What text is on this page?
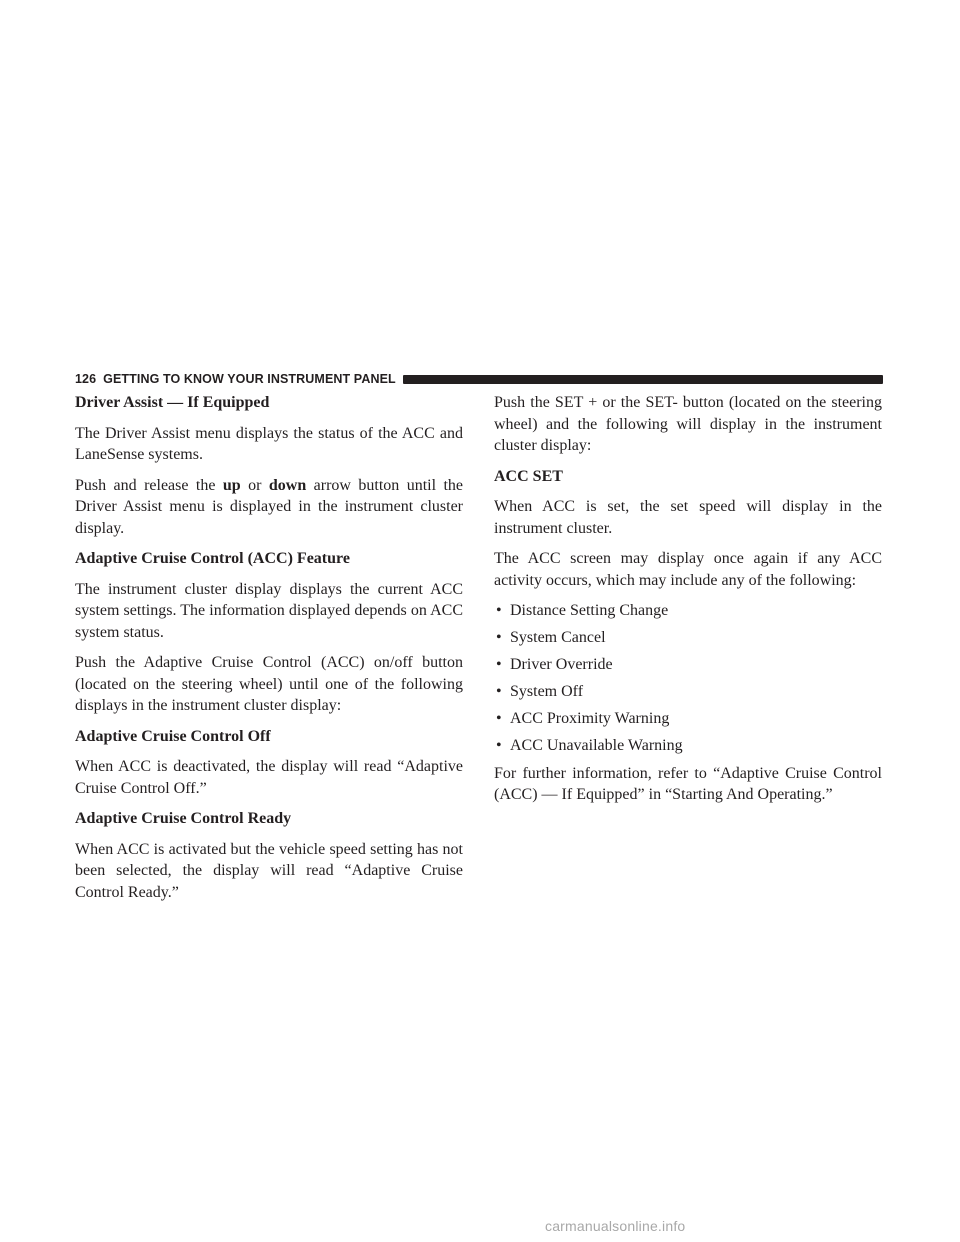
126 GETTING TO KNOW YOUR INSTRUMENT PANEL
Driver Assist — If Equipped

The Driver Assist menu displays the status of the ACC and LaneSense systems.

Push and release the up or down arrow button until the Driver Assist menu is displayed in the instrument cluster display.

Adaptive Cruise Control (ACC) Feature

The instrument cluster display displays the current ACC system settings. The information displayed depends on ACC system status.

Push the Adaptive Cruise Control (ACC) on/off button (located on the steering wheel) until one of the following displays in the instrument cluster display:

Adaptive Cruise Control Off

When ACC is deactivated, the display will read “Adaptive Cruise Control Off.”

Adaptive Cruise Control Ready

When ACC is activated but the vehicle speed setting has not been selected, the display will read “Adaptive Cruise Control Ready.”

Push the SET + or the SET- button (located on the steering wheel) and the following will display in the instrument cluster display:

ACC SET

When ACC is set, the set speed will display in the instrument cluster.

The ACC screen may display once again if any ACC activity occurs, which may include any of the following:

• Distance Setting Change
• System Cancel
• Driver Override
• System Off
• ACC Proximity Warning
• ACC Unavailable Warning

For further information, refer to “Adaptive Cruise Control (ACC) — If Equipped” in “Starting And Operating.”

carmanualsonline.info
